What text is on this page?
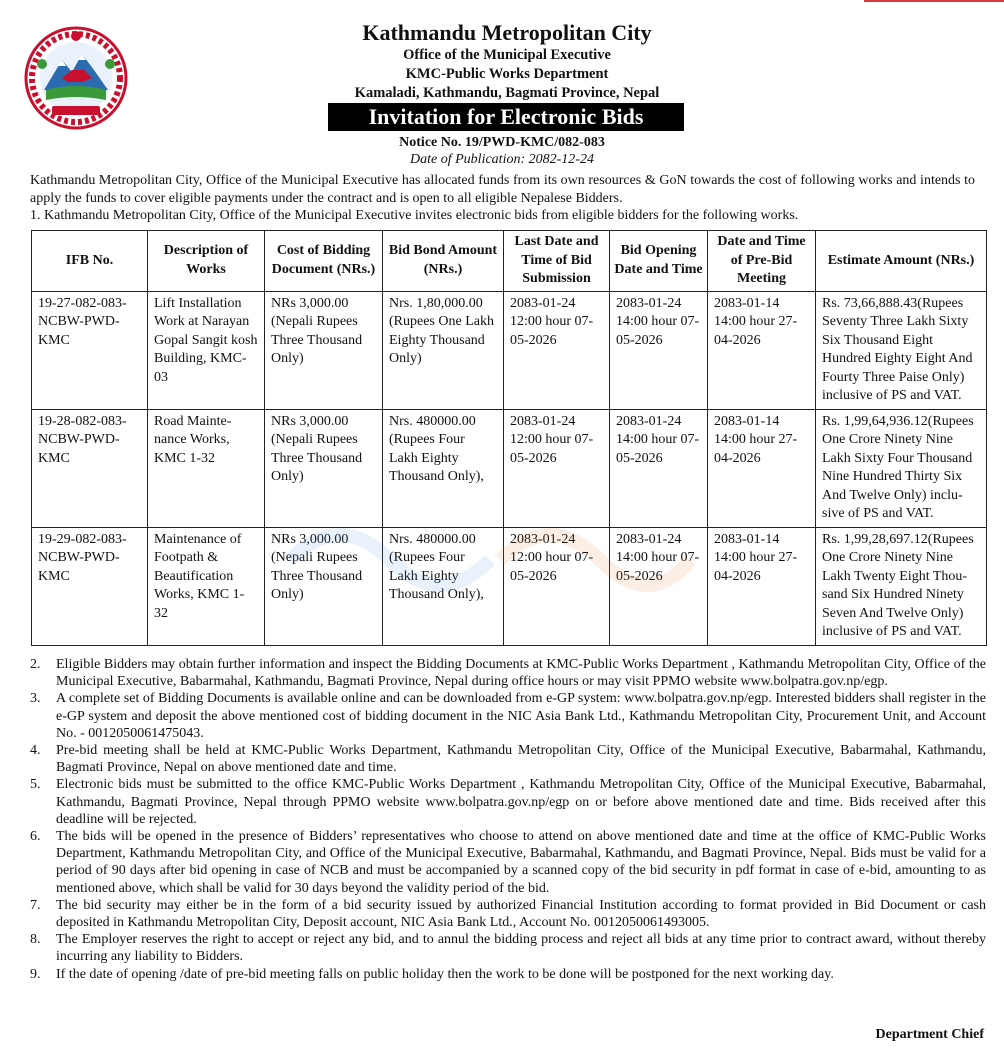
Kathmandu Metropolitan City
Office of the Municipal Executive
KMC-Public Works Department
Kamaladi, Kathmandu, Bagmati Province, Nepal
Invitation for Electronic Bids
Notice No. 19/PWD-KMC/082-083
Date of Publication: 2082-12-24

Kathmandu Metropolitan City, Office of the Municipal Executive has allocated funds from its own resources & GoN towards the cost of following works and intends to apply the funds to cover eligible payments under the contract and is open to all eligible Nepalese Bidders.

1. Kathmandu Metropolitan City, Office of the Municipal Executive invites electronic bids from eligible bidders for the following works.

IFB No.	Description of Works	Cost of Bidding Document (NRs.)	Bid Bond Amount (NRs.)	Last Date and Time of Bid Submission	Bid Opening Date and Time	Date and Time of Pre-Bid Meeting	Estimate Amount (NRs.)
19-27-082-083-NCBW-PWD-KMC	Lift Installation Work at Narayan Gopal Sangit kosh Building, KMC-03	NRs 3,000.00 (Nepali Rupees Three Thousand Only)	Nrs. 1,80,000.00 (Rupees One Lakh Eighty Thousand Only)	2083-01-24 12:00 hour 07-05-2026	2083-01-24 14:00 hour 07-05-2026	2083-01-14 14:00 hour 27-04-2026	Rs. 73,66,888.43(Rupees Seventy Three Lakh Sixty Six Thousand Eight Hundred Eighty Eight And Fourty Three Paise Only) inclusive of PS and VAT.
19-28-082-083-NCBW-PWD-KMC	Road Mainte-nance Works, KMC 1-32	NRs 3,000.00 (Nepali Rupees Three Thousand Only)	Nrs. 480000.00 (Rupees Four Lakh Eighty Thousand Only),	2083-01-24 12:00 hour 07-05-2026	2083-01-24 14:00 hour 07-05-2026	2083-01-14 14:00 hour 27-04-2026	Rs. 1,99,64,936.12(Rupees One Crore Ninety Nine Lakh Sixty Four Thousand Nine Hundred Thirty Six And Twelve Only) inclu-sive of PS and VAT.
19-29-082-083-NCBW-PWD-KMC	Maintenance of Footpath & Beautification Works, KMC 1-32	NRs 3,000.00 (Nepali Rupees Three Thousand Only)	Nrs. 480000.00 (Rupees Four Lakh Eighty Thousand Only),	2083-01-24 12:00 hour 07-05-2026	2083-01-24 14:00 hour 07-05-2026	2083-01-14 14:00 hour 27-04-2026	Rs. 1,99,28,697.12(Rupees One Crore Ninety Nine Lakh Twenty Eight Thou-sand Six Hundred Ninety Seven And Twelve Only) inclusive of PS and VAT.
2.	Eligible Bidders may obtain further information and inspect the Bidding Documents at KMC-Public Works Department , Kathmandu Metropolitan City, Office of the Municipal Executive, Babarmahal, Kathmandu, Bagmati Province, Nepal during office hours or may visit PPMO website www.bolpatra.gov.np/egp.
3.	A complete set of Bidding Documents is available online and can be downloaded from e-GP system: www.bolpatra.gov.np/egp. Interested bidders shall register in the e-GP system and deposit the above mentioned cost of bidding document in the NIC Asia Bank Ltd., Kathmandu Metropolitan City, Procurement Unit, and Account No. - 0012050061475043.
4.	Pre-bid meeting shall be held at KMC-Public Works Department, Kathmandu Metropolitan City, Office of the Municipal Executive, Babarmahal, Kathmandu, Bagmati Province, Nepal on above mentioned date and time.
5.	Electronic bids must be submitted to the office KMC-Public Works Department , Kathmandu Metropolitan City, Office of the Municipal Executive, Babarmahal, Kathmandu, Bagmati Province, Nepal through PPMO website www.bolpatra.gov.np/egp on or before above mentioned date and time. Bids received after this deadline will be rejected.
6.	The bids will be opened in the presence of Bidders’ representatives who choose to attend on above mentioned date and time at the office of KMC-Public Works Department, Kathmandu Metropolitan City, and Office of the Municipal Executive, Babarmahal, Kathmandu, and Bagmati Province, Nepal. Bids must be valid for a period of 90 days after bid opening in case of NCB and must be accompanied by a scanned copy of the bid security in pdf format in case of e-bid, amounting to as mentioned above, which shall be valid for 30 days beyond the validity period of the bid.
7.	The bid security may either be in the form of a bid security issued by authorized Financial Institution according to format provided in Bid Document or cash deposited in Kathmandu Metropolitan City, Deposit account, NIC Asia Bank Ltd., Account No. 0012050061493005.
8.	The Employer reserves the right to accept or reject any bid, and to annul the bidding process and reject all bids at any time prior to contract award, without thereby incurring any liability to Bidders.
9.	If the date of opening /date of pre-bid meeting falls on public holiday then the work to be done will be postponed for the next working day.
Department Chief
